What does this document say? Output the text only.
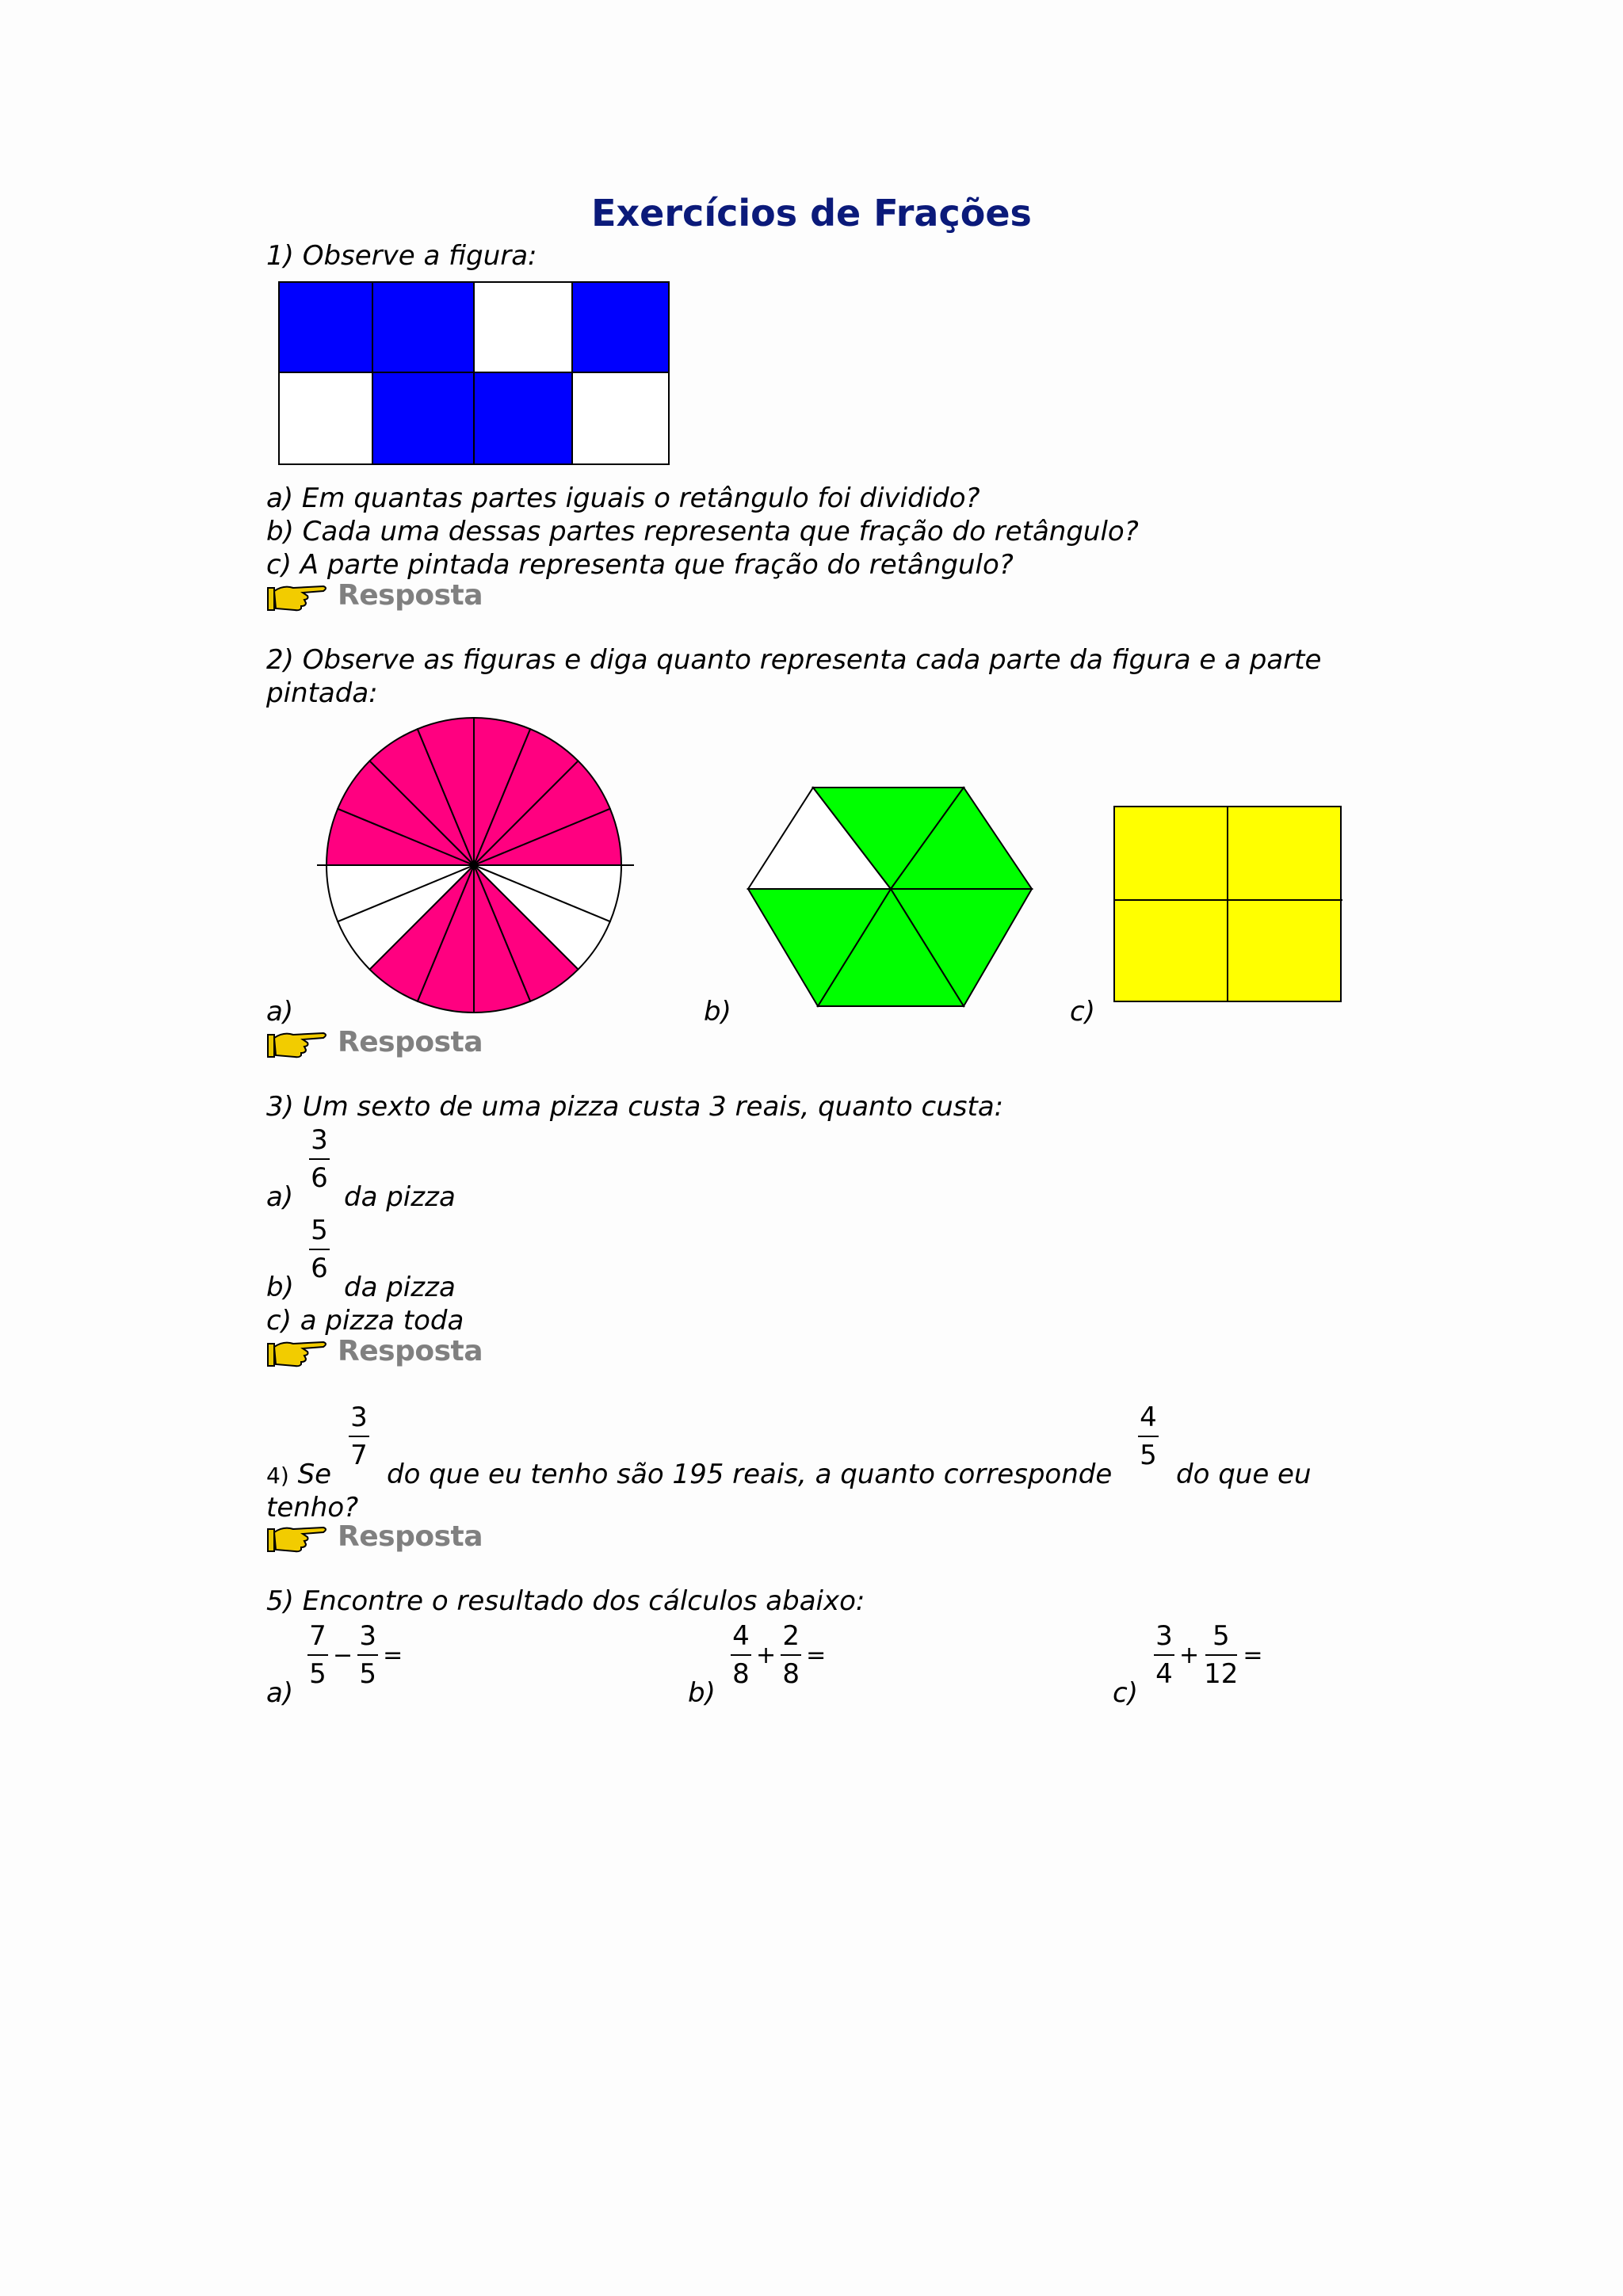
Exercícios de Frações
1) Observe a figura:
a) Em quantas partes iguais o retângulo foi dividido?
b) Cada uma dessas partes representa que fração do retângulo?
c) A parte pintada representa que fração do retângulo?
Resposta
2) Observe as figuras e diga quanto representa cada parte da figura e a parte
pintada:
a)	b)	c)
Resposta
3) Um sexto de uma pizza custa 3 reais, quanto custa:
a)
3
6
da pizza
b)
5
6
da pizza
c) a pizza toda
Resposta
4) Se
3
7
do que eu tenho são 195 reais, a quanto corresponde
4
5
do que eu
tenho?
Resposta
5) Encontre o resultado dos cálculos abaixo:
a)
$\frac{7}{5} - \frac{3}{5}$ =
b)
$\frac{4}{8} + \frac{2}{8}$ =
c)
$\frac{3}{4} + \frac{5}{12}$ =
